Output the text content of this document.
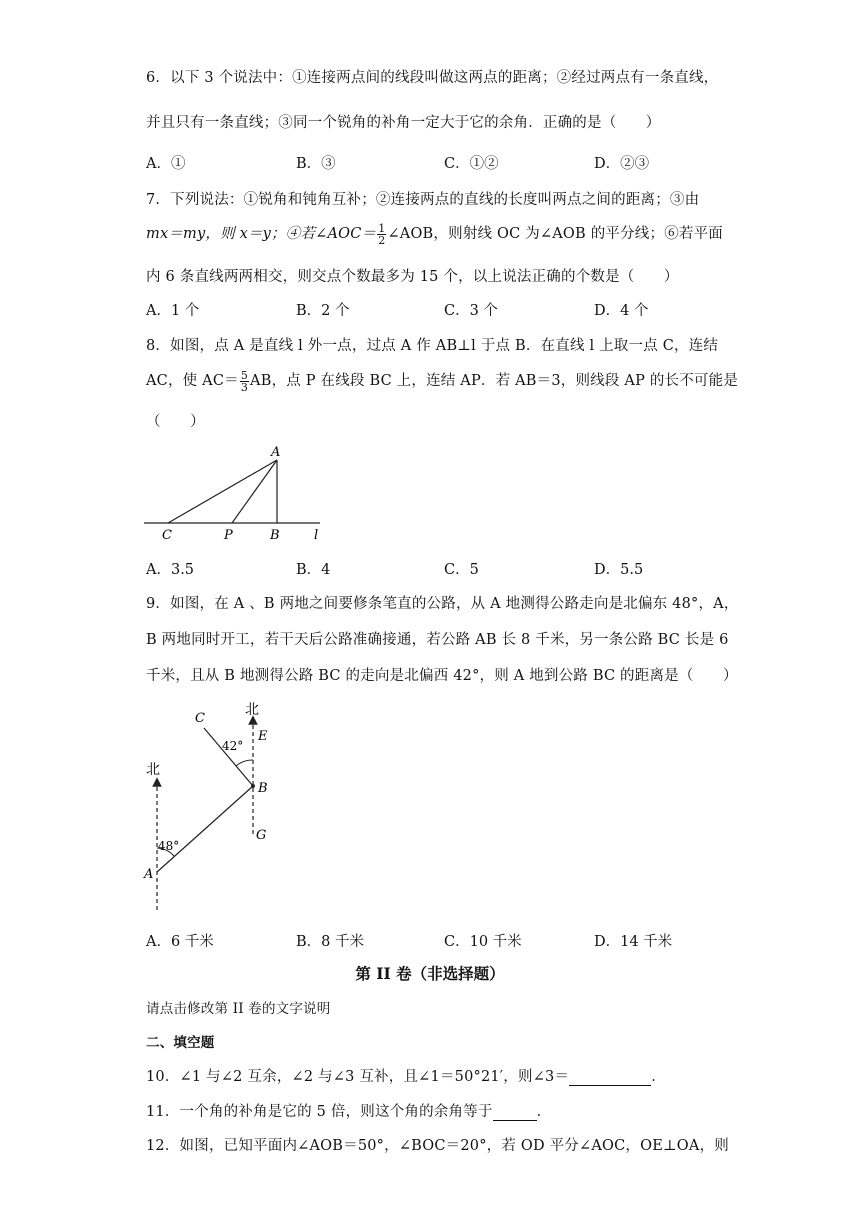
6．以下 3 个说法中：①连接两点间的线段叫做这两点的距离；②经过两点有一条直线，
并且只有一条直线；③同一个锐角的补角一定大于它的余角．正确的是（　　）
A．①	B．③	C．①②	D．②③
7．下列说法：①锐角和钝角互补；②连接两点的直线的长度叫两点之间的距离；③由
mx＝my，则 x＝y；④若∠AOC＝ $\frac{1}{2}$ ∠AOB，则射线 OC 为∠AOB 的平分线；⑥若平面
内 6 条直线两两相交，则交点个数最多为 15 个，以上说法正确的个数是（　　）
A．1 个	B．2 个	C．3 个	D．4 个
8．如图，点 A 是直线 l 外一点，过点 A 作 AB⊥l 于点 B．在直线 l 上取一点 C，连结
AC，使 $AC= \frac{5}{3}$ AB，点 P 在线段 BC 上，连结 AP．若 AB＝3，则线段 AP 的长不可能是
（　　）
A
C	P	B	l
A．3.5	B．4	C．5	D．5.5
9．如图，在 A 、B 两地之间要修条笔直的公路，从 A 地测得公路走向是北偏东 48°，A，
B 两地同时开工，若干天后公路准确接通，若公路 AB 长 8 千米，另一条公路 BC 长是 6
千米，且从 B 地测得公路 BC 的走向是北偏西 42°，则 A 地到公路 BC 的距离是（　　）
北
北
C
E
B
G
A
42°
48°
A．6 千米	B．8 千米	C．10 千米	D．14 千米
第 II 卷（非选择题）
请点击修改第 II 卷的文字说明
二、填空题
10．∠1 与∠2 互余，∠2 与∠3 互补，且∠1＝50°21′，则∠3＝	．
11．一个角的补角是它的 5 倍，则这个角的余角等于	．
12．如图，已知平面内∠AOB＝50°，∠BOC＝20°，若 OD 平分∠AOC，OE⊥OA，则
